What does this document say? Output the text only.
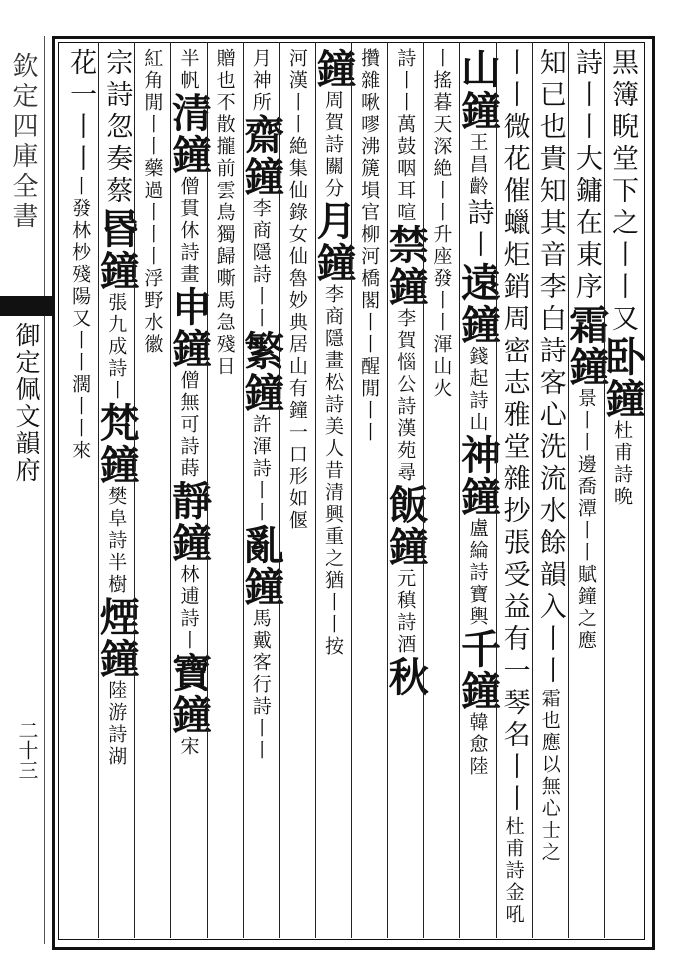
欽定四庫全書
御定佩文韻府
二十三
黒簿睨堂下之丨丨又卧鐘杜甫詩晩
詩丨丨大鏞在東序霜鐘景丨丨邊喬潭丨丨賦鐘之應
知已也貴知其音李白詩客心洗流水餘韻入丨丨霜也應以無心士之
丨丨微花催蠟炬銷周密志雅堂雜抄張受益有一琴名丨丨杜甫詩金吼
山鐘王昌齡詩丨遠鐘錢起詩山神鐘盧綸詩寶輿千鐘韓愈陸
丨搖暮天深絶丨丨升座發丨丨渾山火
詩丨丨萬鼓咽耳喧禁鐘李賀惱公詩漢苑尋飯鐘元稹詩酒秋
攢雜啾嘐沸篪塤官柳河橋閣丨丨醒閒丨丨
鐘周賀詩關分月鐘李商隱畫松詩美人昔清興重之猶丨丨按
河漢丨丨絶集仙錄女仙魯妙典居山有鐘一口形如偃
月神所齋鐘李商隱詩丨丨繁鐘許渾詩丨丨亂鐘馬戴客行詩丨丨
贈也不散攏前雲鳥獨歸嘶馬急殘日
半帆清鐘僧貫休詩畫申鐘僧無可詩蒔靜鐘林逋詩丨寶鐘宋
紅角閒丨丨藥過丨丨丨浮野水徽
宗詩忽奏蔡昬鐘張九成詩丨梵鐘樊阜詩半樹煙鐘陸游詩湖
花一丨丨丨發林杪殘陽又丨丨濶丨丨來
